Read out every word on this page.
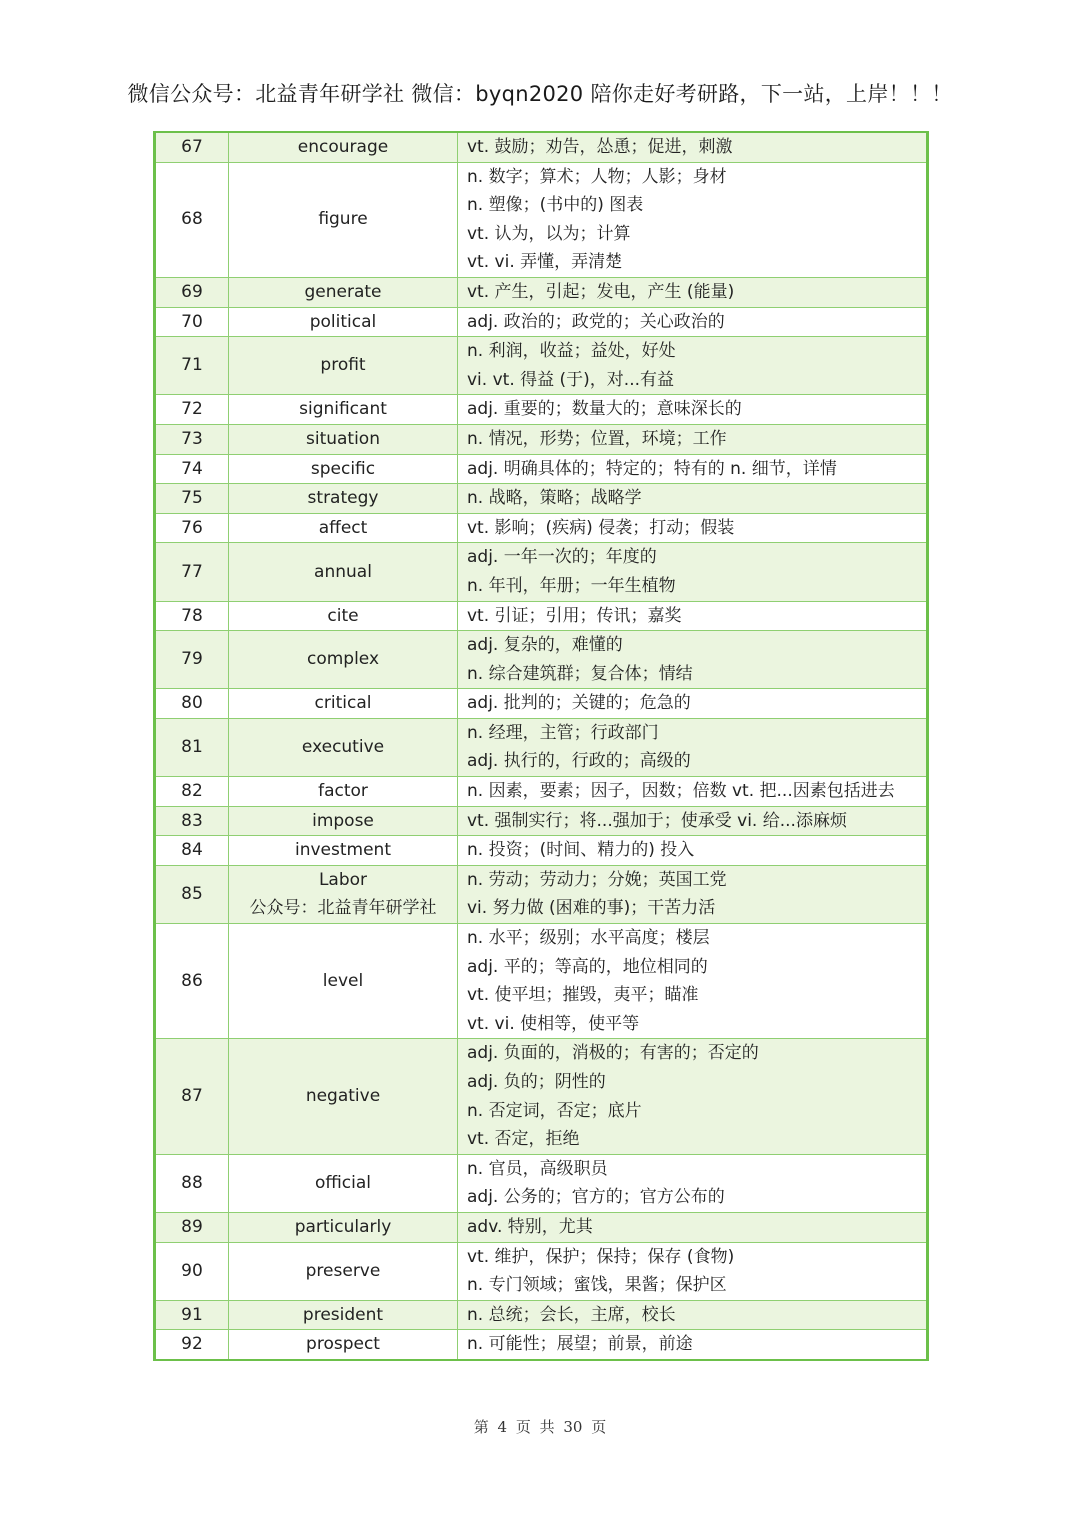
微信公众号：北益青年研学社 微信：byqn2020 陪你走好考研路，下一站，上岸！！！
67	encourage	vt. 鼓励；劝告，怂恿；促进，刺激

68	figure	n. 数字；算术；人物；人影；身材
n. 塑像；(书中的) 图表
vt. 认为，以为；计算
vt. vi. 弄懂，弄清楚

69	generate	vt. 产生，引起；发电，产生 (能量)

70	political	adj. 政治的；政党的；关心政治的

71	profit	n. 利润，收益；益处，好处
vi. vt. 得益 (于)，对...有益

72	significant	adj. 重要的；数量大的；意味深长的

73	situation	n. 情况，形势；位置，环境；工作

74	specific	adj. 明确具体的；特定的；特有的 n. 细节，详情

75	strategy	n. 战略，策略；战略学

76	affect	vt. 影响；(疾病) 侵袭；打动；假装

77	annual	adj. 一年一次的；年度的
n. 年刊，年册；一年生植物

78	cite	vt. 引证；引用；传讯；嘉奖

79	complex	adj. 复杂的，难懂的
n. 综合建筑群；复合体；情结

80	critical	adj. 批判的；关键的；危急的

81	executive	n. 经理，主管；行政部门
adj. 执行的，行政的；高级的

82	factor	n. 因素，要素；因子，因数；倍数 vt. 把...因素包括进去

83	impose	vt. 强制实行；将...强加于；使承受 vi. 给...添麻烦

84	investment	n. 投资；(时间、精力的) 投入

85	Labor
公众号：北益青年研学社	n. 劳动；劳动力；分娩；英国工党
vi. 努力做 (困难的事)；干苦力活

86	level	n. 水平；级别；水平高度；楼层
adj. 平的；等高的，地位相同的
vt. 使平坦；摧毁，夷平；瞄准
vt. vi. 使相等，使平等

87	negative	adj. 负面的，消极的；有害的；否定的
adj. 负的；阴性的
n. 否定词，否定；底片
vt. 否定，拒绝

88	official	n. 官员，高级职员
adj. 公务的；官方的；官方公布的

89	particularly	adv. 特别，尤其

90	preserve	vt. 维护，保护；保持；保存 (食物)
n. 专门领域；蜜饯，果酱；保护区

91	president	n. 总统；会长，主席，校长

92	prospect	n. 可能性；展望；前景，前途
第 4 页 共 30 页
